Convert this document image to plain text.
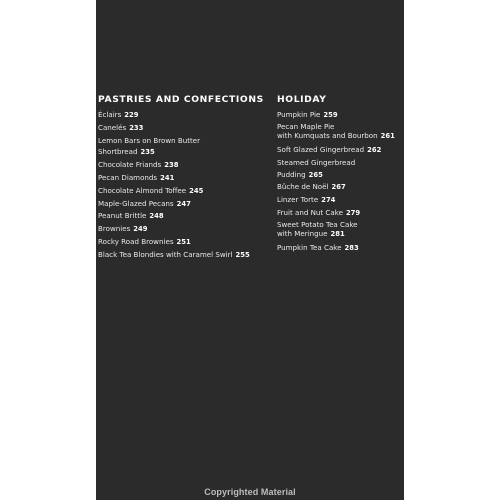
PASTRIES AND CONFECTIONS
Éclairs 229
Canelés 233
Lemon Bars on Brown Butter Shortbread 235
Chocolate Friands 238
Pecan Diamonds 241
Chocolate Almond Toffee 245
Maple-Glazed Pecans 247
Peanut Brittle 248
Brownies 249
Rocky Road Brownies 251
Black Tea Blondies with Caramel Swirl 255
HOLIDAY
Pumpkin Pie 259
Pecan Maple Pie
with Kumquats and Bourbon 261
Soft Glazed Gingerbread 262
Steamed Gingerbread Pudding 265
Bûche de Noël 267
Linzer Torte 274
Fruit and Nut Cake 279
Sweet Potato Tea Cake
with Meringue 281
Pumpkin Tea Cake 283
Copyrighted Material
